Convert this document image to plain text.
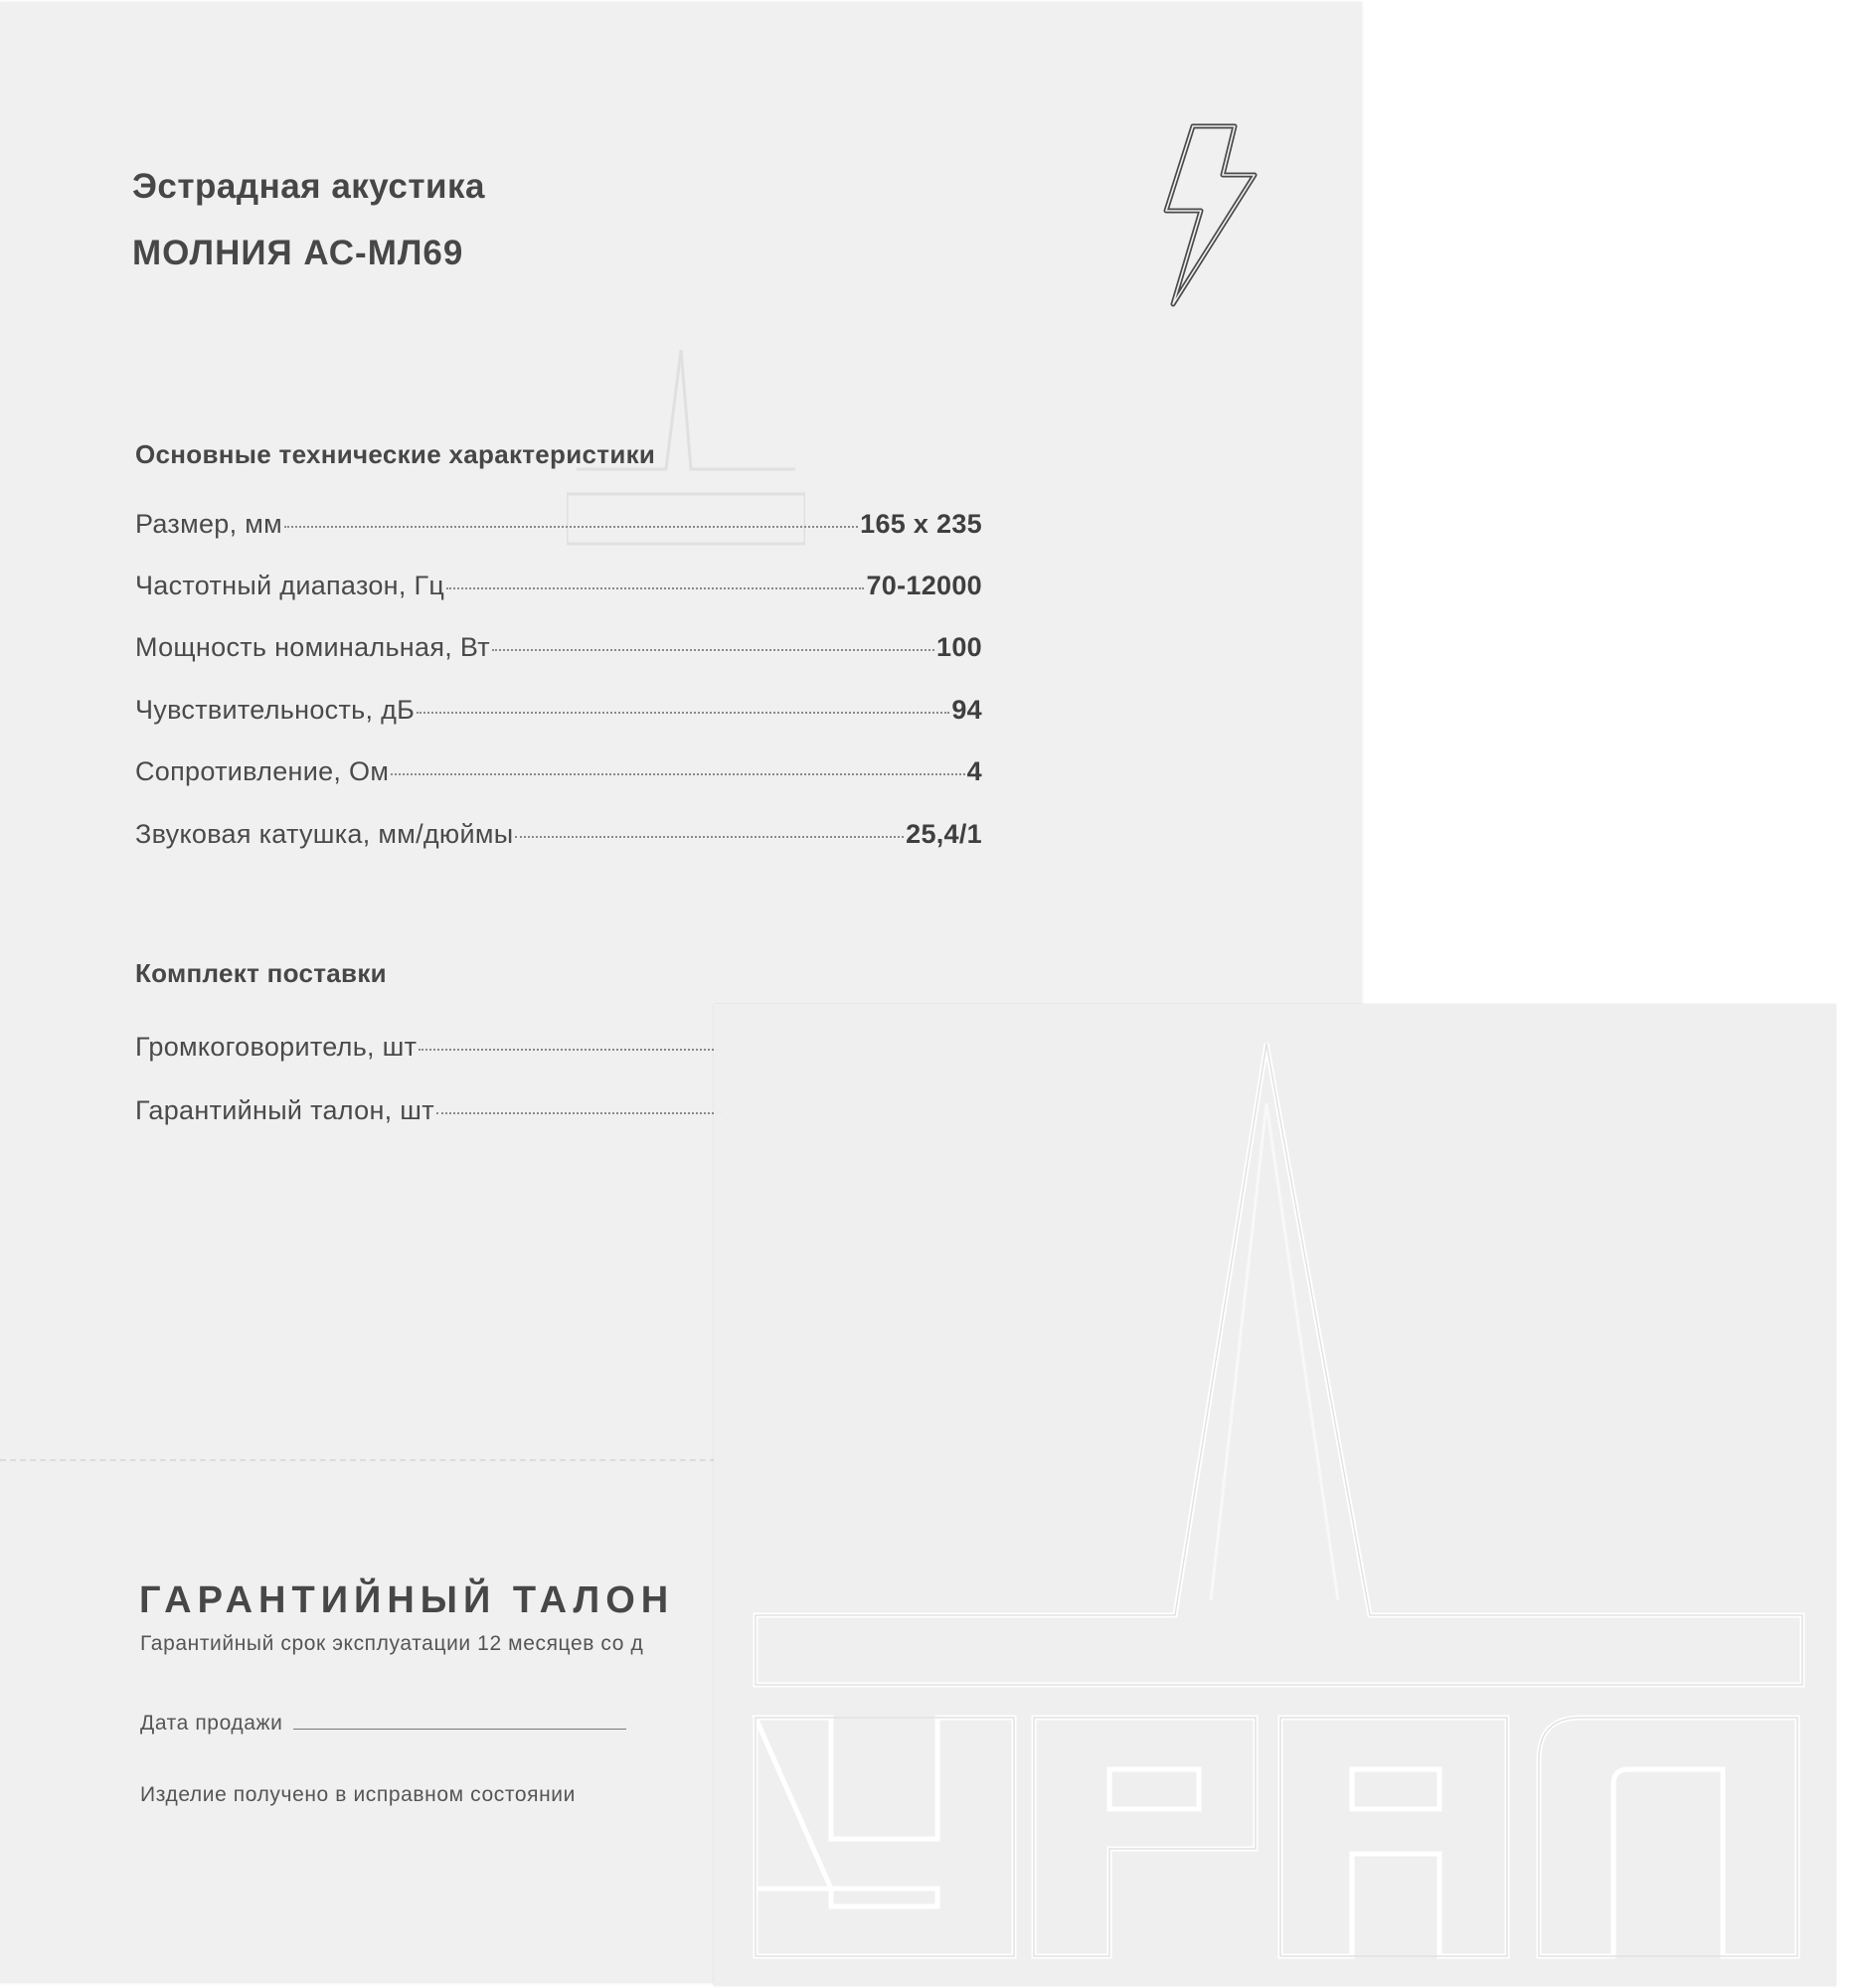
Эстрадная акустика
МОЛНИЯ АС-МЛ69
Основные технические характеристики
Размер, мм	165 x 235
Частотный диапазон, Гц	70-12000
Мощность номинальная, Вт	100
Чувствительность, дБ	94
Сопротивление, Ом	4
Звуковая катушка, мм/дюймы	25,4/1
Комплект поставки
Громкоговоритель, шт
Гарантийный талон, шт
ГАРАНТИЙНЫЙ ТАЛОН
Гарантийный срок эксплуатации 12 месяцев со д
Дата продажи
Изделие получено в исправном состоянии
